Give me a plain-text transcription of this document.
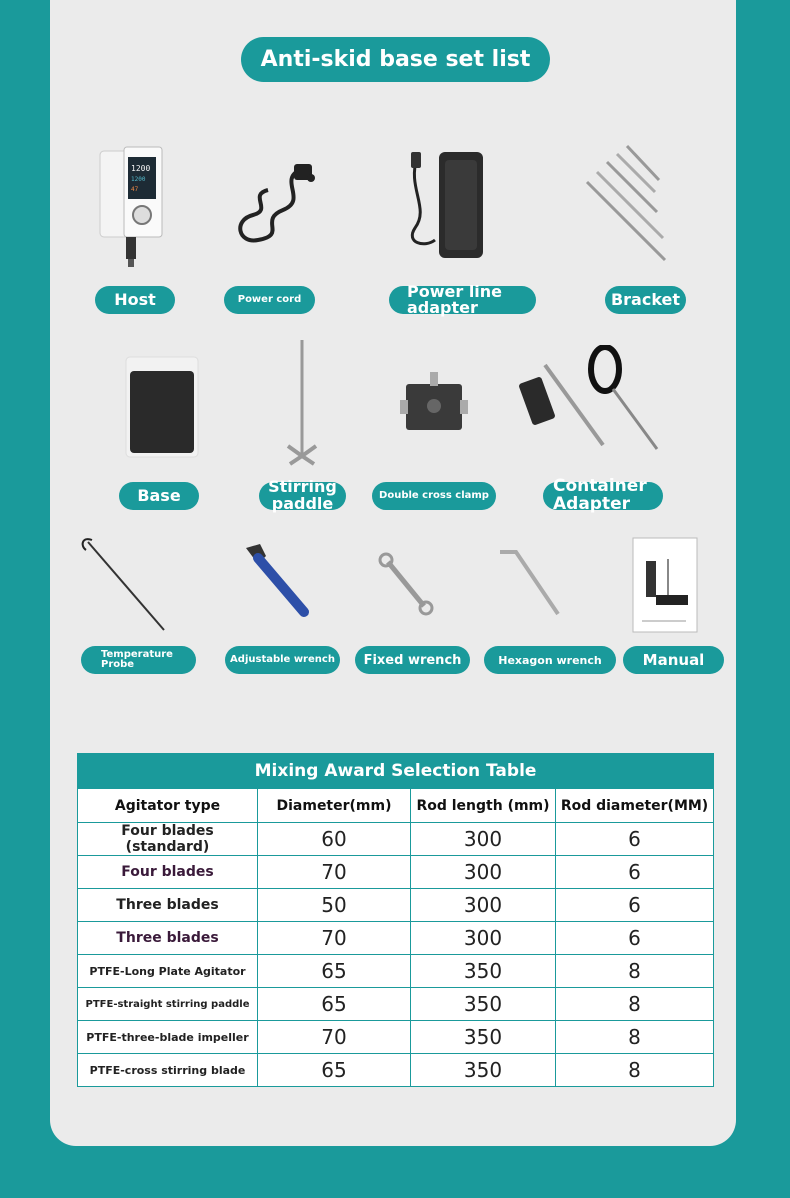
Anti-skid base set list
1200
1200
47
Host	Power cord	Power line adapter	Bracket
Base	Stirring paddle	Double cross clamp	Container Adapter
Temperature Probe	Adjustable wrench	Fixed wrench	Hexagon wrench	Manual
Mixing Award Selection Table			
Agitator type	Diameter(mm)	Rod length (mm)	Rod diameter(MM)
Four blades (standard)	60	300	6
Four blades	70	300	6
Three blades	50	300	6
Three blades	70	300	6
PTFE-Long Plate Agitator	65	350	8
PTFE-straight stirring paddle	65	350	8
PTFE-three-blade impeller	70	350	8
PTFE-cross stirring blade	65	350	8
